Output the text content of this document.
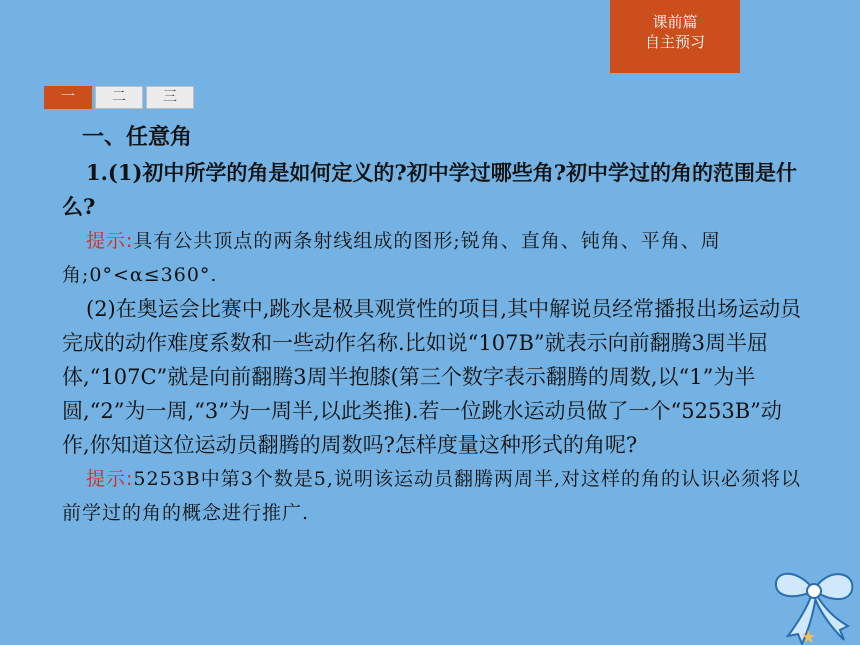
课前篇
自主预习
一	二	三
一、任意角

1.(1)初中所学的角是如何定义的?初中学过哪些角?初中学过的角的范围是什么?

提示:具有公共顶点的两条射线组成的图形;锐角、直角、钝角、平角、周角;0°<α≤360°.

(2)在奥运会比赛中,跳水是极具观赏性的项目,其中解说员经常播报出场运动员完成的动作难度系数和一些动作名称.比如说“107B”就表示向前翻腾3周半屈体,“107C”就是向前翻腾3周半抱膝(第三个数字表示翻腾的周数,以“1”为半圆,“2”为一周,“3”为一周半,以此类推).若一位跳水运动员做了一个“5253B”动作,你知道这位运动员翻腾的周数吗?怎样度量这种形式的角呢?

提示:5253B中第3个数是5,说明该运动员翻腾两周半,对这样的角的认识必须将以前学过的角的概念进行推广.
